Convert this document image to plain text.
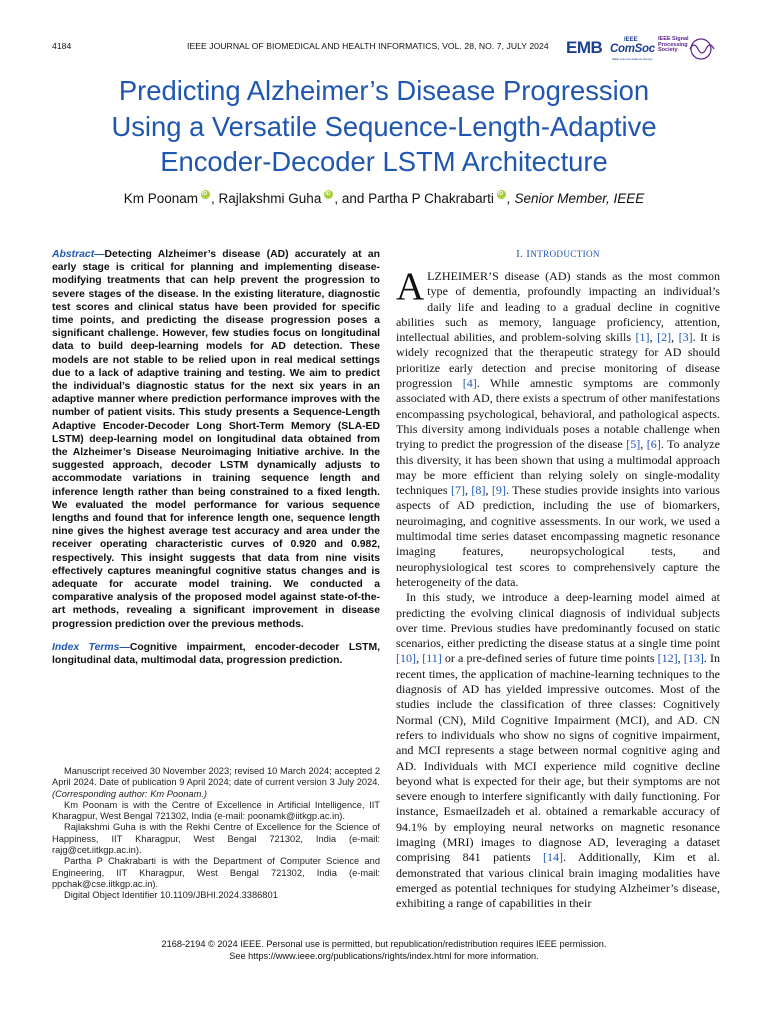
4184	IEEE JOURNAL OF BIOMEDICAL AND HEALTH INFORMATICS, VOL. 28, NO. 7, JULY 2024 EMB	IEEE
ComSoc
IEEE Communications Society
IEEE Signal Processing Society
Predicting Alzheimer’s Disease Progression
Using a Versatile Sequence-Length-Adaptive
Encoder-Decoder LSTM Architecture
Km Poonam iD , Rajlakshmi Guha iD , and Partha P Chakrabarti iD , Senior Member, IEEE

Abstract—Detecting Alzheimer’s disease (AD) accurately at an early stage is critical for planning and implementing disease-modifying treatments that can help prevent the progression to severe stages of the disease. In the existing literature, diagnostic test scores and clinical status have been provided for specific time points, and predicting the disease progression poses a significant challenge. However, few studies focus on longitudinal data to build deep-learning models for AD detection. These models are not stable to be relied upon in real medical settings due to a lack of adaptive training and testing. We aim to predict the individual’s diagnostic status for the next six years in an adaptive manner where prediction performance improves with the number of patient visits. This study presents a Sequence-Length Adaptive Encoder-Decoder Long Short-Term Memory (SLA-ED LSTM) deep-learning model on longitudinal data obtained from the Alzheimer’s Disease Neuroimaging Initiative archive. In the suggested approach, decoder LSTM dynamically adjusts to accommodate variations in training sequence length and inference length rather than being constrained to a fixed length. We evaluated the model performance for various sequence lengths and found that for inference length one, sequence length nine gives the highest average test accuracy and area under the receiver operating characteristic curves of 0.920 and 0.982, respectively. This insight suggests that data from nine visits effectively captures meaningful cognitive status changes and is adequate for accurate model training. We conducted a comparative analysis of the proposed model against state-of-the-art methods, revealing a significant improvement in disease progression prediction over the previous methods.

Index Terms—Cognitive impairment, encoder-decoder LSTM, longitudinal data, multimodal data, progression prediction.

Manuscript received 30 November 2023; revised 10 March 2024; accepted 2 April 2024. Date of publication 9 April 2024; date of current version 3 July 2024. (Corresponding author: Km Poonam.)

Km Poonam is with the Centre of Excellence in Artificial Intelligence, IIT Kharagpur, West Bengal 721302, India (e-mail: poonamk@iitkgp.ac.in).

Rajlakshmi Guha is with the Rekhi Centre of Excellence for the Science of Happiness, IIT Kharagpur, West Bengal 721302, India (e-mail: rajg@cet.iitkgp.ac.in).

Partha P Chakrabarti is with the Department of Computer Science and Engineering, IIT Kharagpur, West Bengal 721302, India (e-mail: ppchak@cse.iitkgp.ac.in).

Digital Object Identifier 10.1109/JBHI.2024.3386801

I. INTRODUCTION

ALZHEIMER’S disease (AD) stands as the most common type of dementia, profoundly impacting an individual’s daily life and leading to a gradual decline in cognitive abilities such as memory, language proficiency, attention, intellectual abilities, and problem-solving skills [1], [2], [3]. It is widely recognized that the therapeutic strategy for AD should prioritize early detection and precise monitoring of disease progression [4]. While amnestic symptoms are commonly associated with AD, there exists a spectrum of other manifestations encompassing psychological, behavioral, and pathological aspects. This diversity among individuals poses a notable challenge when trying to predict the progression of the disease [5], [6]. To analyze this diversity, it has been shown that using a multimodal approach may be more efficient than relying solely on single-modality techniques [7], [8], [9]. These studies provide insights into various aspects of AD prediction, including the use of biomarkers, neuroimaging, and cognitive assessments. In our work, we used a multimodal time series dataset encompassing magnetic resonance imaging features, neuropsychological tests, and neurophysiological test scores to comprehensively capture the heterogeneity of the data.

In this study, we introduce a deep-learning model aimed at predicting the evolving clinical diagnosis of individual subjects over time. Previous studies have predominantly focused on static scenarios, either predicting the disease status at a single time point [10], [11] or a pre-defined series of future time points [12], [13]. In recent times, the application of machine-learning techniques to the diagnosis of AD has yielded impressive outcomes. Most of the studies include the classification of three classes: Cognitively Normal (CN), Mild Cognitive Impairment (MCI), and AD. CN refers to individuals who show no signs of cognitive impairment, and MCI represents a stage between normal cognitive aging and AD. Individuals with MCI experience mild cognitive decline beyond what is expected for their age, but their symptoms are not severe enough to interfere significantly with daily functioning. For instance, Esmaeilzadeh et al. obtained a remarkable accuracy of 94.1% by employing neural networks on magnetic resonance imaging (MRI) images to diagnose AD, leveraging a dataset comprising 841 patients [14]. Additionally, Kim et al. demonstrated that various clinical brain imaging modalities have emerged as potential techniques for studying Alzheimer’s disease, exhibiting a range of capabilities in their

2168-2194 © 2024 IEEE. Personal use is permitted, but republication/redistribution requires IEEE permission.
See https://www.ieee.org/publications/rights/index.html for more information.
